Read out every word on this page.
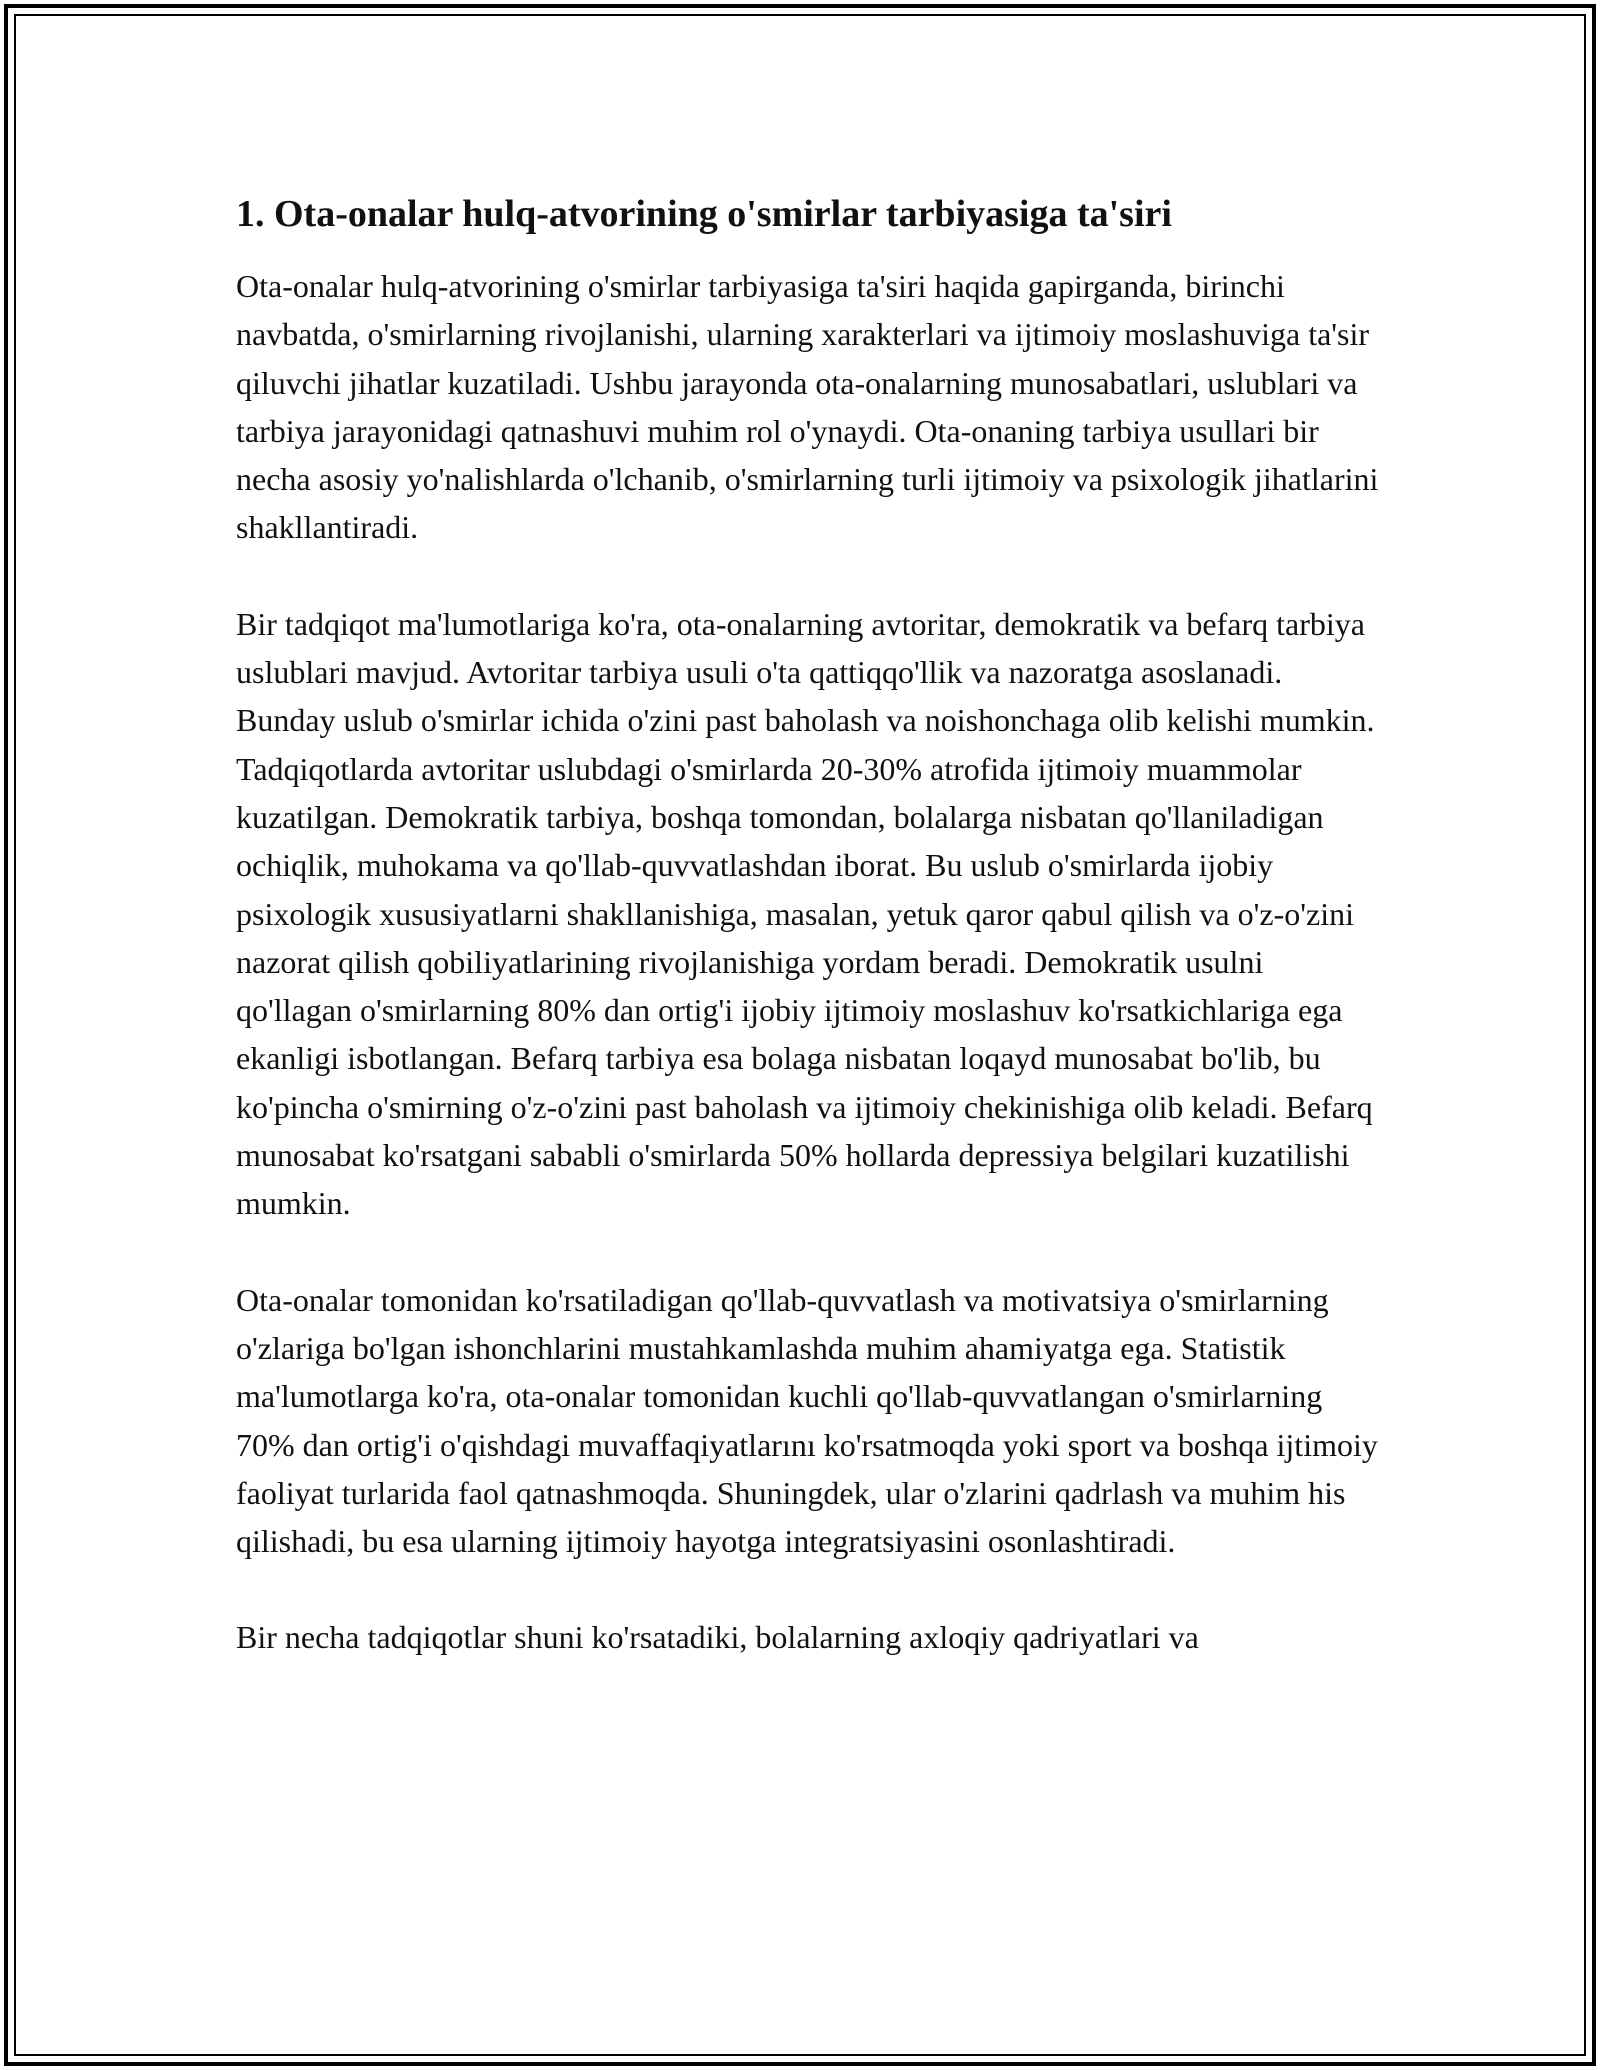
1. Ota-onalar hulq-atvorining o'smirlar tarbiyasiga ta'siri

Ota-onalar hulq-atvorining o'smirlar tarbiyasiga ta'siri haqida gapirganda, birinchi navbatda, o'smirlarning rivojlanishi, ularning xarakterlari va ijtimoiy moslashuviga ta'sir qiluvchi jihatlar kuzatiladi. Ushbu jarayonda ota-onalarning munosabatlari, uslublari va tarbiya jarayonidagi qatnashuvi muhim rol o'ynaydi. Ota-onaning tarbiya usullari bir necha asosiy yo'nalishlarda o'lchanib, o'smirlarning turli ijtimoiy va psixologik jihatlarini shakllantiradi.

Bir tadqiqot ma'lumotlariga ko'ra, ota-onalarning avtoritar, demokratik va befarq tarbiya uslublari mavjud. Avtoritar tarbiya usuli o'ta qattiqqo'llik va nazoratga asoslanadi. Bunday uslub o'smirlar ichida o'zini past baholash va noishonchaga olib kelishi mumkin. Tadqiqotlarda avtoritar uslubdagi o'smirlarda 20-30% atrofida ijtimoiy muammolar kuzatilgan. Demokratik tarbiya, boshqa tomondan, bolalarga nisbatan qo'llaniladigan ochiqlik, muhokama va qo'llab-quvvatlashdan iborat. Bu uslub o'smirlarda ijobiy psixologik xususiyatlarni shakllanishiga, masalan, yetuk qaror qabul qilish va o'z-o'zini nazorat qilish qobiliyatlarining rivojlanishiga yordam beradi. Demokratik usulni qo'llagan o'smirlarning 80% dan ortig'i ijobiy ijtimoiy moslashuv ko'rsatkichlariga ega ekanligi isbotlangan. Befarq tarbiya esa bolaga nisbatan loqayd munosabat bo'lib, bu ko'pincha o'smirning o'z-o'zini past baholash va ijtimoiy chekinishiga olib keladi. Befarq munosabat ko'rsatgani sababli o'smirlarda 50% hollarda depressiya belgilari kuzatilishi mumkin.

Ota-onalar tomonidan ko'rsatiladigan qo'llab-quvvatlash va motivatsiya o'smirlarning o'zlariga bo'lgan ishonchlarini mustahkamlashda muhim ahamiyatga ega. Statistik ma'lumotlarga ko'ra, ota-onalar tomonidan kuchli qo'llab-quvvatlangan o'smirlarning 70% dan ortig'i o'qishdagi muvaffaqiyatlarını ko'rsatmoqda yoki sport va boshqa ijtimoiy faoliyat turlarida faol qatnashmoqda. Shuningdek, ular o'zlarini qadrlash va muhim his qilishadi, bu esa ularning ijtimoiy hayotga integratsiyasini osonlashtiradi.

Bir necha tadqiqotlar shuni ko'rsatadiki, bolalarning axloqiy qadriyatlari va
